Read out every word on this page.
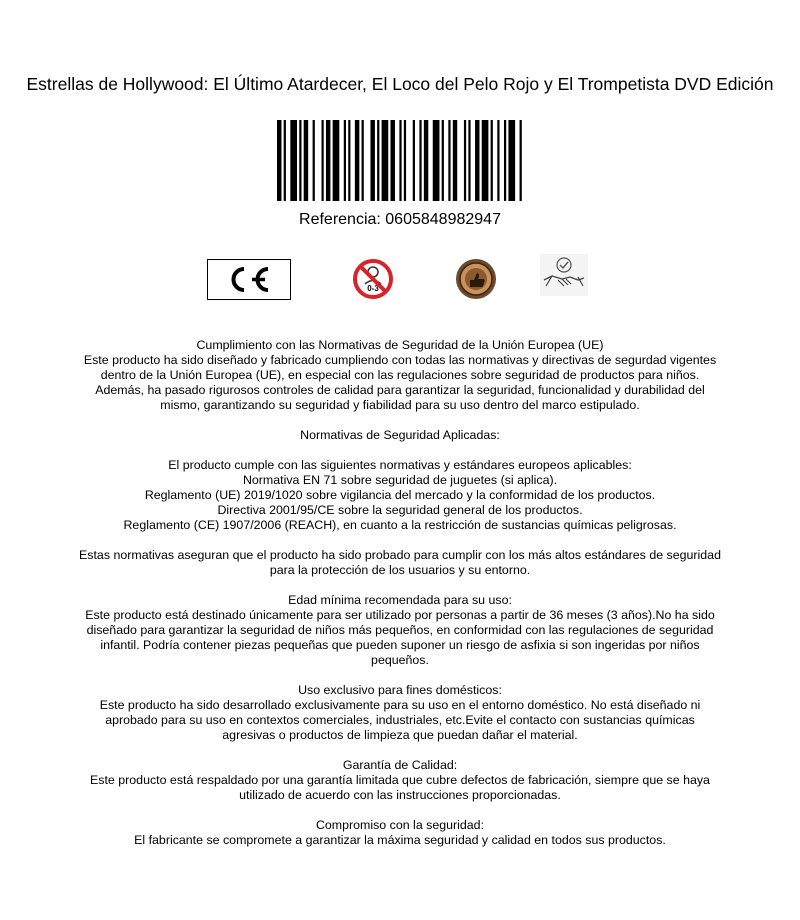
Estrellas de Hollywood: El Último Atardecer, El Loco del Pelo Rojo y El Trompetista DVD Edición
Referencia: 0605848982947
0-3

Cumplimiento con las Normativas de Seguridad de la Unión Europea (UE)
Este producto ha sido diseñado y fabricado cumpliendo con todas las normativas y directivas de segurdad vigentes dentro de la Unión Europea (UE), en especial con las regulaciones sobre seguridad de productos para niños. Además, ha pasado rigurosos controles de calidad para garantizar la seguridad, funcionalidad y durabilidad del mismo, garantizando su seguridad y fiabilidad para su uso dentro del marco estipulado.

Normativas de Seguridad Aplicadas:

El producto cumple con las siguientes normativas y estándares europeos aplicables:
Normativa EN 71 sobre seguridad de juguetes (si aplica).
Reglamento (UE) 2019/1020 sobre vigilancia del mercado y la conformidad de los productos.
Directiva 2001/95/CE sobre la seguridad general de los productos.
Reglamento (CE) 1907/2006 (REACH), en cuanto a la restricción de sustancias químicas peligrosas.

Estas normativas aseguran que el producto ha sido probado para cumplir con los más altos estándares de seguridad para la protección de los usuarios y su entorno.

Edad mínima recomendada para su uso:
Este producto está destinado únicamente para ser utilizado por personas a partir de 36 meses (3 años).No ha sido diseñado para garantizar la seguridad de niños más pequeños, en conformidad con las regulaciones de seguridad infantil. Podría contener piezas pequeñas que pueden suponer un riesgo de asfixia si son ingeridas por niños pequeños.

Uso exclusivo para fines domésticos:
Este producto ha sido desarrollado exclusivamente para su uso en el entorno doméstico. No está diseñado ni aprobado para su uso en contextos comerciales, industriales, etc.Evite el contacto con sustancias químicas agresivas o productos de limpieza que puedan dañar el material.

Garantía de Calidad:
Este producto está respaldado por una garantía limitada que cubre defectos de fabricación, siempre que se haya utilizado de acuerdo con las instrucciones proporcionadas.

Compromiso con la seguridad:
El fabricante se compromete a garantizar la máxima seguridad y calidad en todos sus productos.
